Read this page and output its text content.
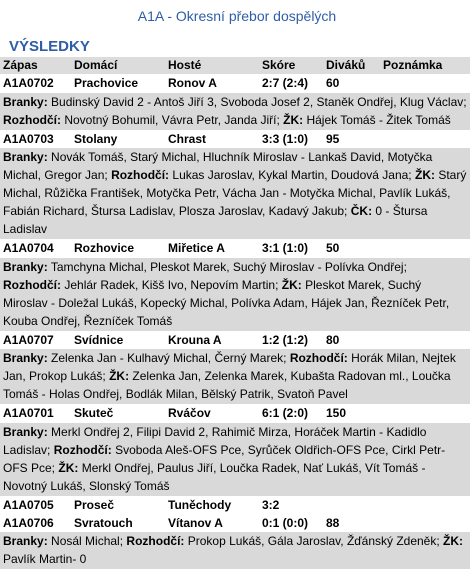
A1A - Okresní přebor dospělých
VÝSLEDKY
Zápas	Domácí	Hosté	Skóre	Diváků	Poznámka
A1A0702	Prachovice	Ronov A	2:7 (2:4)	60	
Branky: Budinský David 2 - Antoš Jiří 3, Svoboda Josef 2, Staněk Ondřej, Klug Václav; Rozhodčí: Novotný Bohumil, Vávra Petr, Janda Jiří; ŽK: Hájek Tomáš - Žitek Tomáš					
A1A0703	Stolany	Chrast	3:3 (1:0)	95	
Branky: Novák Tomáš, Starý Michal, Hluchník Miroslav - Lankaš David, Motyčka Michal, Gregor Jan; Rozhodčí: Lukas Jaroslav, Kykal Martin, Doudová Jana; ŽK: Starý Michal, Růžička František, Motyčka Petr, Vácha Jan - Motyčka Michal, Pavlík Lukáš, Fabián Richard, Štursa Ladislav, Plosza Jaroslav, Kadavý Jakub; ČK: 0 - Štursa Ladislav					
A1A0704	Rozhovice	Miřetice A	3:1 (1:0)	50	
Branky: Tamchyna Michal, Pleskot Marek, Suchý Miroslav - Polívka Ondřej; Rozhodčí: Jehlár Radek, Kišš Ivo, Nepovím Martin; ŽK: Pleskot Marek, Suchý Miroslav - Doležal Lukáš, Kopecký Michal, Polívka Adam, Hájek Jan, Řezníček Petr, Kouba Ondřej, Řezníček Tomáš					
A1A0707	Svídnice	Krouna A	1:2 (1:2)	80	
Branky: Zelenka Jan - Kulhavý Michal, Černý Marek; Rozhodčí: Horák Milan, Nejtek Jan, Prokop Lukáš; ŽK: Zelenka Jan, Zelenka Marek, Kubašta Radovan ml., Loučka Tomáš - Holas Ondřej, Bodlák Milan, Bělský Patrik, Svatoň Pavel					
A1A0701	Skuteč	Rváčov	6:1 (2:0)	150	
Branky: Merkl Ondřej 2, Filipi David 2, Rahimič Mirza, Horáček Martin - Kadidlo Ladislav; Rozhodčí: Svoboda Aleš-OFS Pce, Syrůček Oldřich-OFS Pce, Cirkl Petr-OFS Pce; ŽK: Merkl Ondřej, Paulus Jiří, Loučka Radek, Nať Lukáš, Vít Tomáš - Novotný Lukáš, Slonský Tomáš					
A1A0705	Proseč	Tuněchody	3:2		
A1A0706	Svratouch	Vítanov A	0:1 (0:0)	88	
Branky: Nosál Michal; Rozhodčí: Prokop Lukáš, Gála Jaroslav, Žďánský Zdeněk; ŽK: Pavlík Martin- 0					
